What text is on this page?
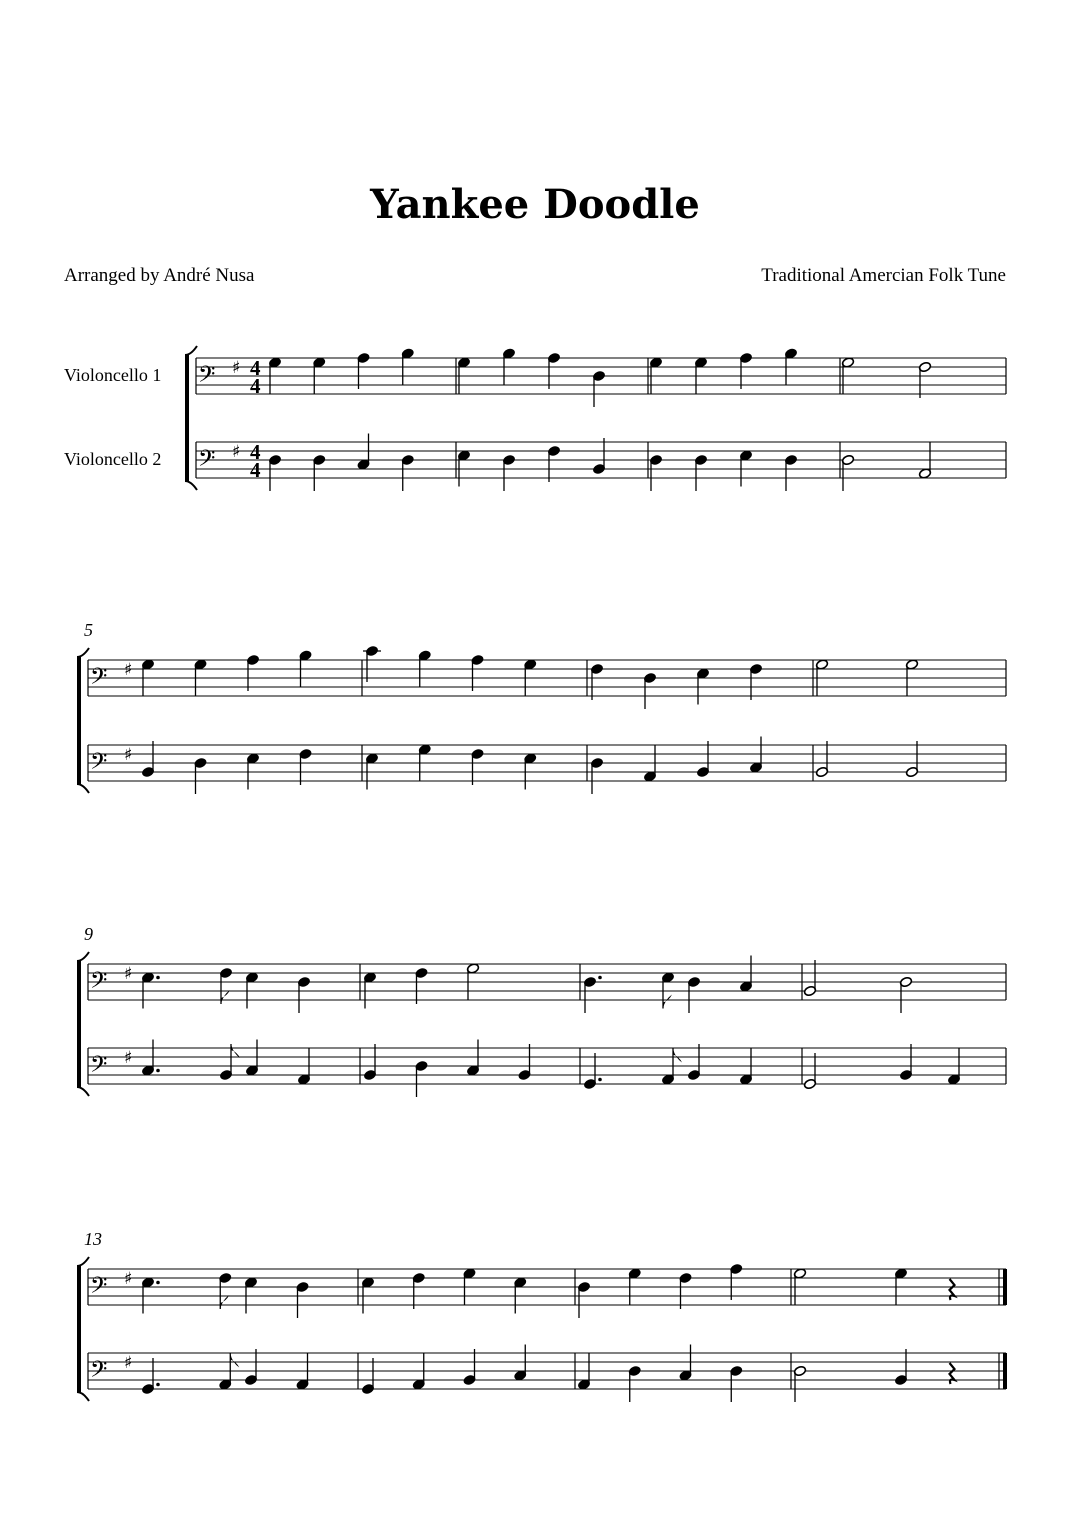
Yankee Doodle
Arranged by André Nusa	Traditional Amercian Folk Tune
Violoncello 1 𝄢 ♯ 4
4
Violoncello 2 𝄢 ♯ 4
4
5
𝄢 ♯
𝄢 ♯
9
𝄢 ♯
𝄢 ♯
13
𝄢 ♯
𝄢 ♯
